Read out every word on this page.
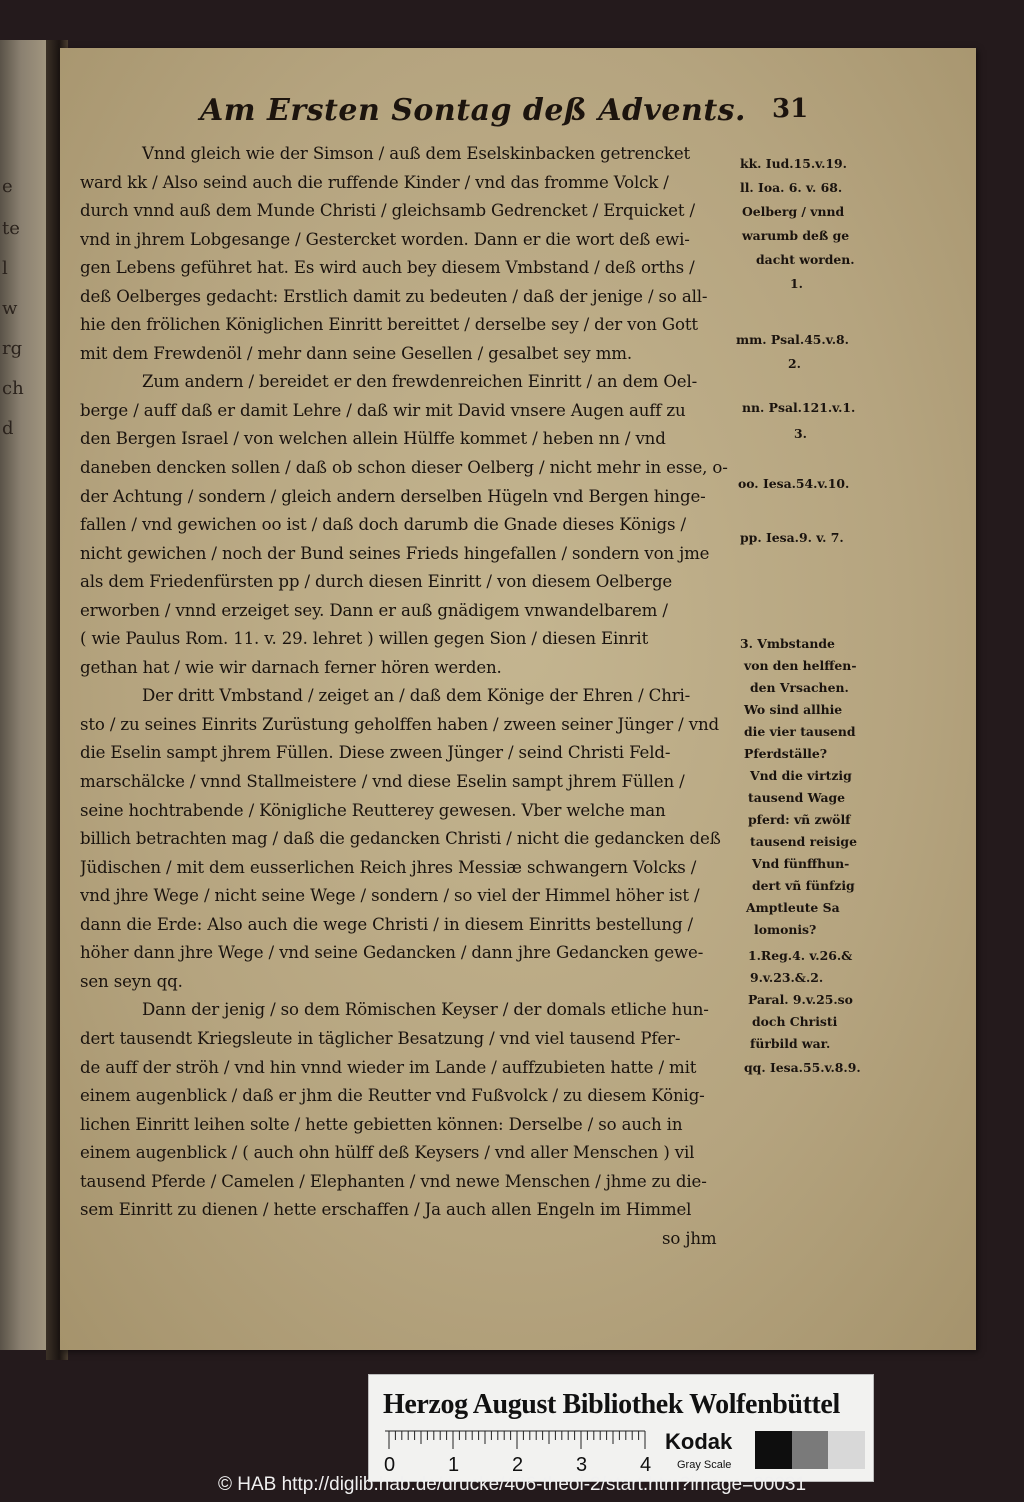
e
te
l
w
rg
ch
d
Am Ersten Sontag deß Advents. 31
Vnnd gleich wie der Simson / auß dem Eselskinbacken getrencket
ward kk / Also seind auch die ruffende Kinder / vnd das fromme Volck /
durch vnnd auß dem Munde Christi / gleichsamb Gedrencket / Erquicket /
vnd in jhrem Lobgesange / Gestercket worden. Dann er die wort deß ewi-
gen Lebens geführet hat. Es wird auch bey diesem Vmbstand / deß orths /
deß Oelberges gedacht: Erstlich damit zu bedeuten / daß der jenige / so all-
hie den frölichen Königlichen Einritt bereittet / derselbe sey / der von Gott
mit dem Frewdenöl / mehr dann seine Gesellen / gesalbet sey mm.
Zum andern / bereidet er den frewdenreichen Einritt / an dem Oel-
berge / auff daß er damit Lehre / daß wir mit David vnsere Augen auff zu
den Bergen Israel / von welchen allein Hülffe kommet / heben nn / vnd
daneben dencken sollen / daß ob schon dieser Oelberg / nicht mehr in esse, o-
der Achtung / sondern / gleich andern derselben Hügeln vnd Bergen hinge-
fallen / vnd gewichen oo ist / daß doch darumb die Gnade dieses Königs /
nicht gewichen / noch der Bund seines Frieds hingefallen / sondern von jme
als dem Friedenfürsten pp / durch diesen Einritt / von diesem Oelberge
erworben / vnnd erzeiget sey. Dann er auß gnädigem vnwandelbarem /
( wie Paulus Rom. 11. v. 29. lehret ) willen gegen Sion / diesen Einrit
gethan hat / wie wir darnach ferner hören werden.
Der dritt Vmbstand / zeiget an / daß dem Könige der Ehren / Chri-
sto / zu seines Einrits Zurüstung geholffen haben / zween seiner Jünger / vnd
die Eselin sampt jhrem Füllen. Diese zween Jünger / seind Christi Feld-
marschälcke / vnnd Stallmeistere / vnd diese Eselin sampt jhrem Füllen /
seine hochtrabende / Königliche Reutterey gewesen. Vber welche man
billich betrachten mag / daß die gedancken Christi / nicht die gedancken deß
Jüdischen / mit dem eusserlichen Reich jhres Messiæ schwangern Volcks /
vnd jhre Wege / nicht seine Wege / sondern / so viel der Himmel höher ist /
dann die Erde: Also auch die wege Christi / in diesem Einritts bestellung /
höher dann jhre Wege / vnd seine Gedancken / dann jhre Gedancken gewe-
sen seyn qq.
Dann der jenig / so dem Römischen Keyser / der domals etliche hun-
dert tausendt Kriegsleute in täglicher Besatzung / vnd viel tausend Pfer-
de auff der ströh / vnd hin vnnd wieder im Lande / auffzubieten hatte / mit
einem augenblick / daß er jhm die Reutter vnd Fußvolck / zu diesem König-
lichen Einritt leihen solte / hette gebietten können: Derselbe / so auch in
einem augenblick / ( auch ohn hülff deß Keysers / vnd aller Menschen ) vil
tausend Pferde / Camelen / Elephanten / vnd newe Menschen / jhme zu die-
sem Einritt zu dienen / hette erschaffen / Ja auch allen Engeln im Himmel
so jhm
kk. Iud.15.v.19.
ll. Ioa. 6. v. 68.
Oelberg / vnnd
warumb deß ge
dacht worden.
1.
mm. Psal.45.v.8.
2.
nn. Psal.121.v.1.
3.
oo. Iesa.54.v.10.
pp. Iesa.9. v. 7.
3. Vmbstande
von den helffen-
den Vrsachen.
Wo sind allhie
die vier tausend
Pferdställe?
Vnd die virtzig
tausend Wage
pferd: vñ zwölf
tausend reisige
Vnd fünffhun-
dert vñ fünfzig
Amptleute Sa
lomonis?
1.Reg.4. v.26.&
9.v.23.&.2.
Paral. 9.v.25.so
doch Christi
fürbild war.
qq. Iesa.55.v.8.9.
Herzog August Bibliothek Wolfenbüttel
0	1	2	3	4
Kodak
Gray Scale
© HAB http://diglib.hab.de/drucke/406-theol-2/start.htm?image=00031
